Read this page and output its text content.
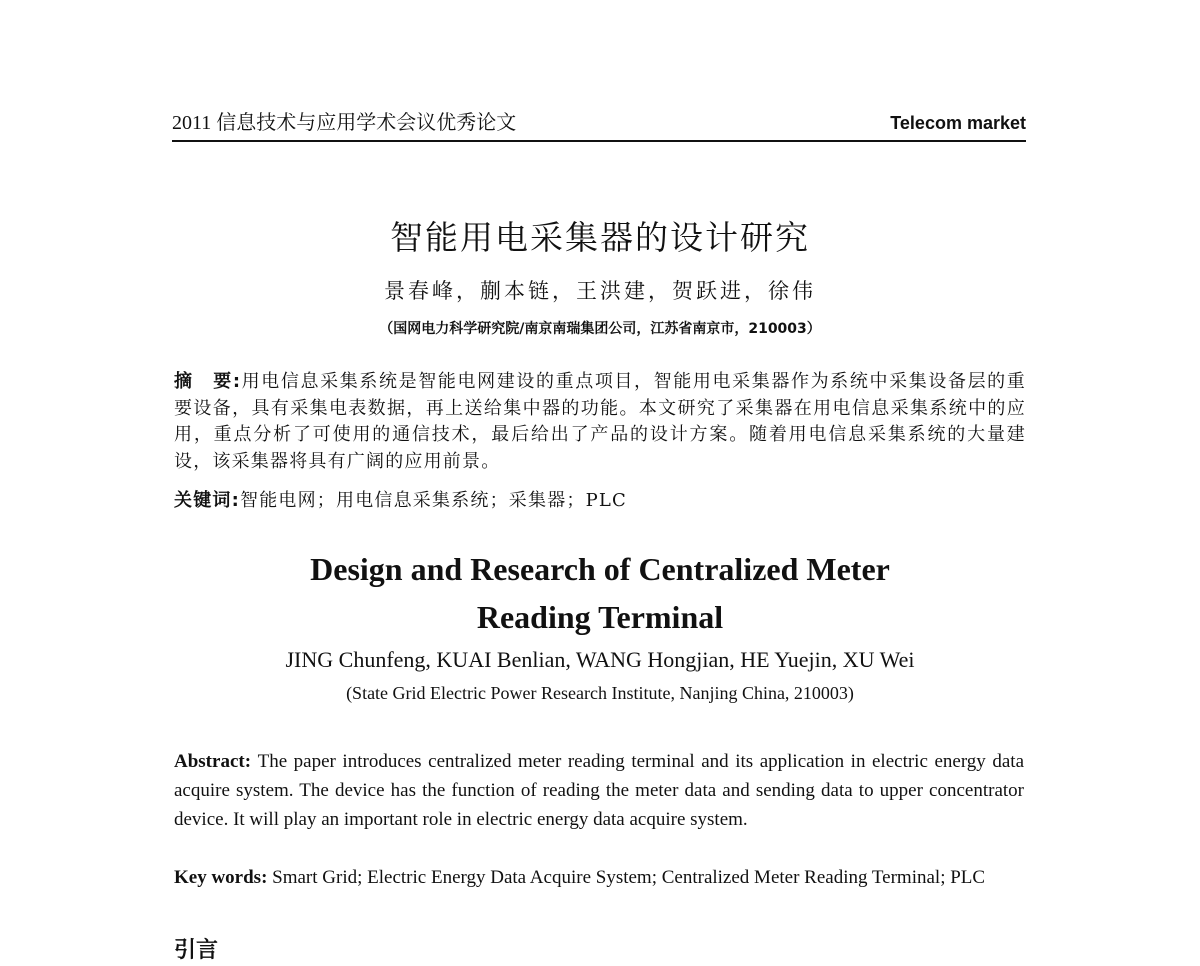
2011 信息技术与应用学术会议优秀论文	Telecom market
智能用电采集器的设计研究
景春峰，蒯本链，王洪建，贺跃进，徐伟
（国网电力科学研究院/南京南瑞集团公司，江苏省南京市，210003）
摘　要:用电信息采集系统是智能电网建设的重点项目，智能用电采集器作为系统中采集设备层的重要设备，具有采集电表数据，再上送给集中器的功能。本文研究了采集器在用电信息采集系统中的应用，重点分析了可使用的通信技术，最后给出了产品的设计方案。随着用电信息采集系统的大量建设，该采集器将具有广阔的应用前景。
关键词:智能电网；用电信息采集系统；采集器；PLC
Design and Research of Centralized Meter
Reading Terminal
JING Chunfeng, KUAI Benlian, WANG Hongjian, HE Yuejin, XU Wei
(State Grid Electric Power Research Institute, Nanjing China, 210003)
Abstract: The paper introduces centralized meter reading terminal and its application in electric energy data acquire system. The device has the function of reading the meter data and sending data to upper concentrator device. It will play an important role in electric energy data acquire system.
Key words: Smart Grid; Electric Energy Data Acquire System; Centralized Meter Reading Terminal; PLC
引言
